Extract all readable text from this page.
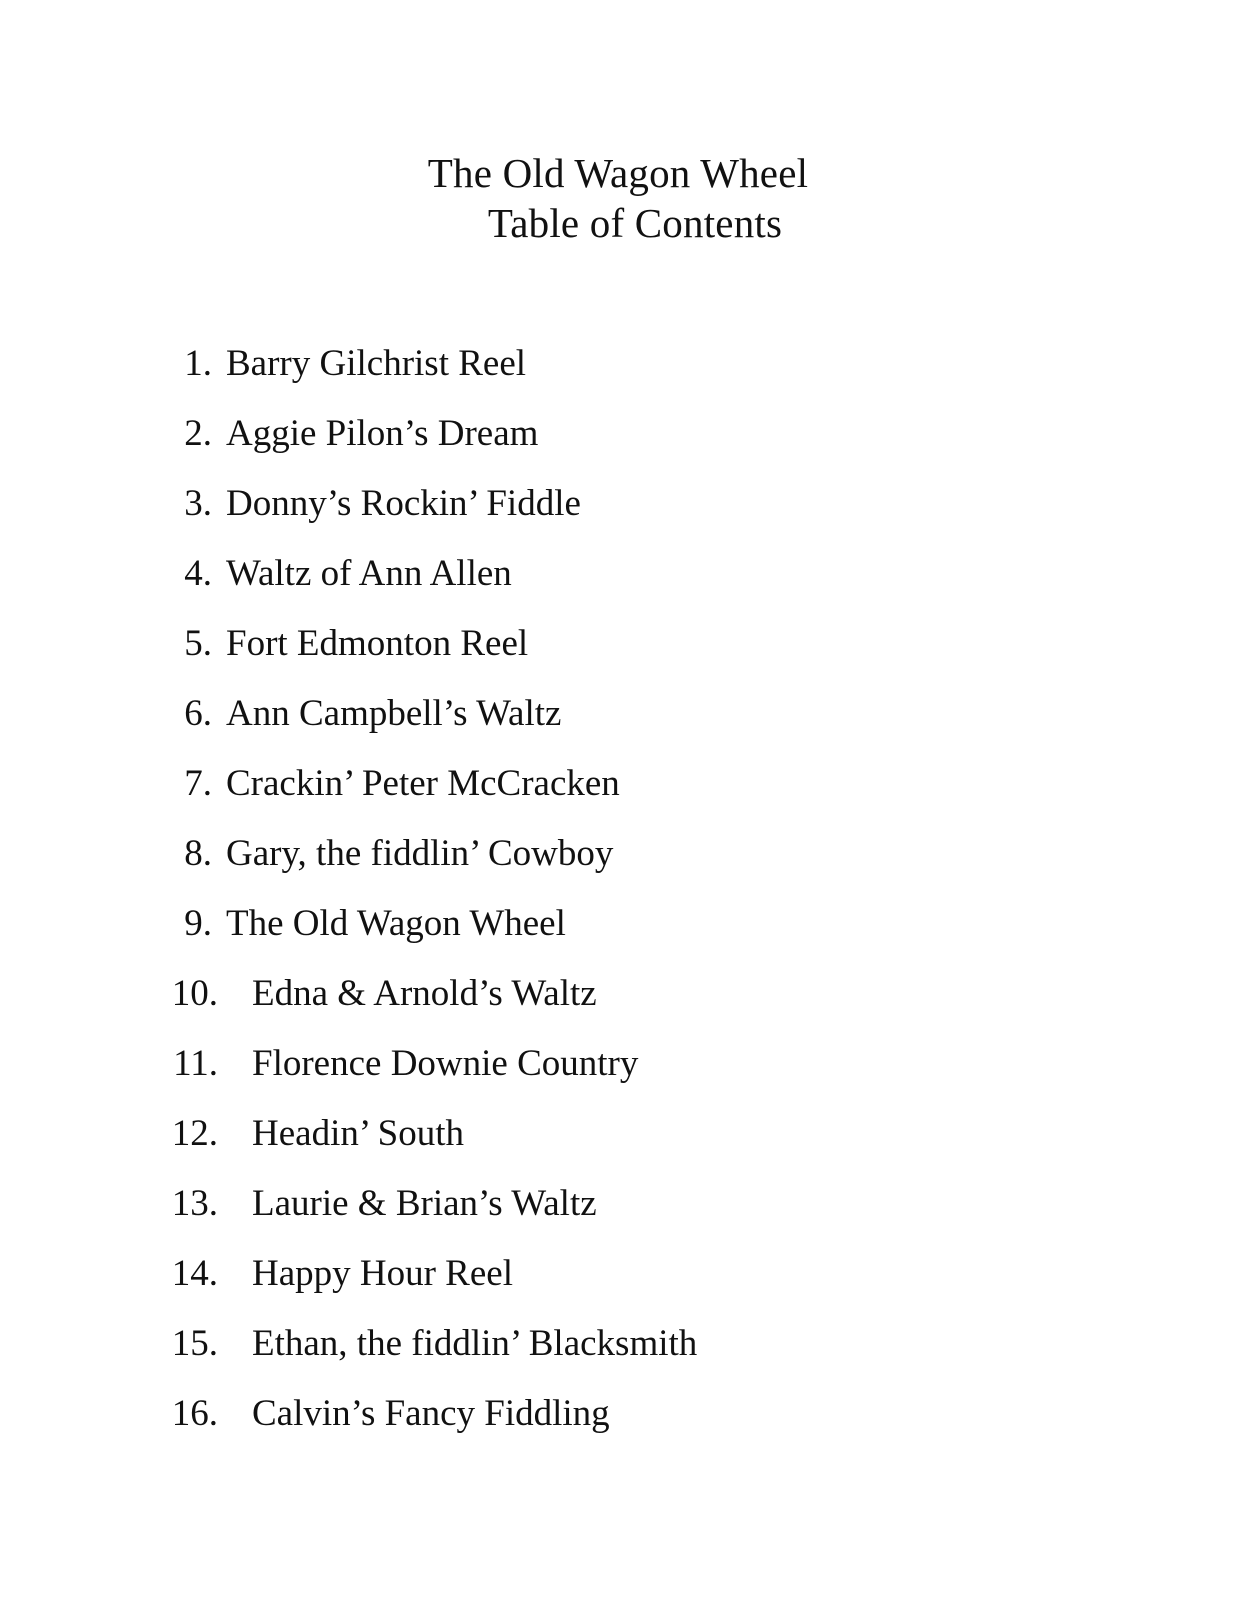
The Old Wagon Wheel
Table of Contents
1. Barry Gilchrist Reel
2. Aggie Pilon’s Dream
3. Donny’s Rockin’ Fiddle
4. Waltz of Ann Allen
5. Fort Edmonton Reel
6. Ann Campbell’s Waltz
7. Crackin’ Peter McCracken
8. Gary, the fiddlin’ Cowboy
9. The Old Wagon Wheel
10. Edna & Arnold’s Waltz
11. Florence Downie Country
12. Headin’ South
13. Laurie & Brian’s Waltz
14. Happy Hour Reel
15. Ethan, the fiddlin’ Blacksmith
16. Calvin’s Fancy Fiddling
